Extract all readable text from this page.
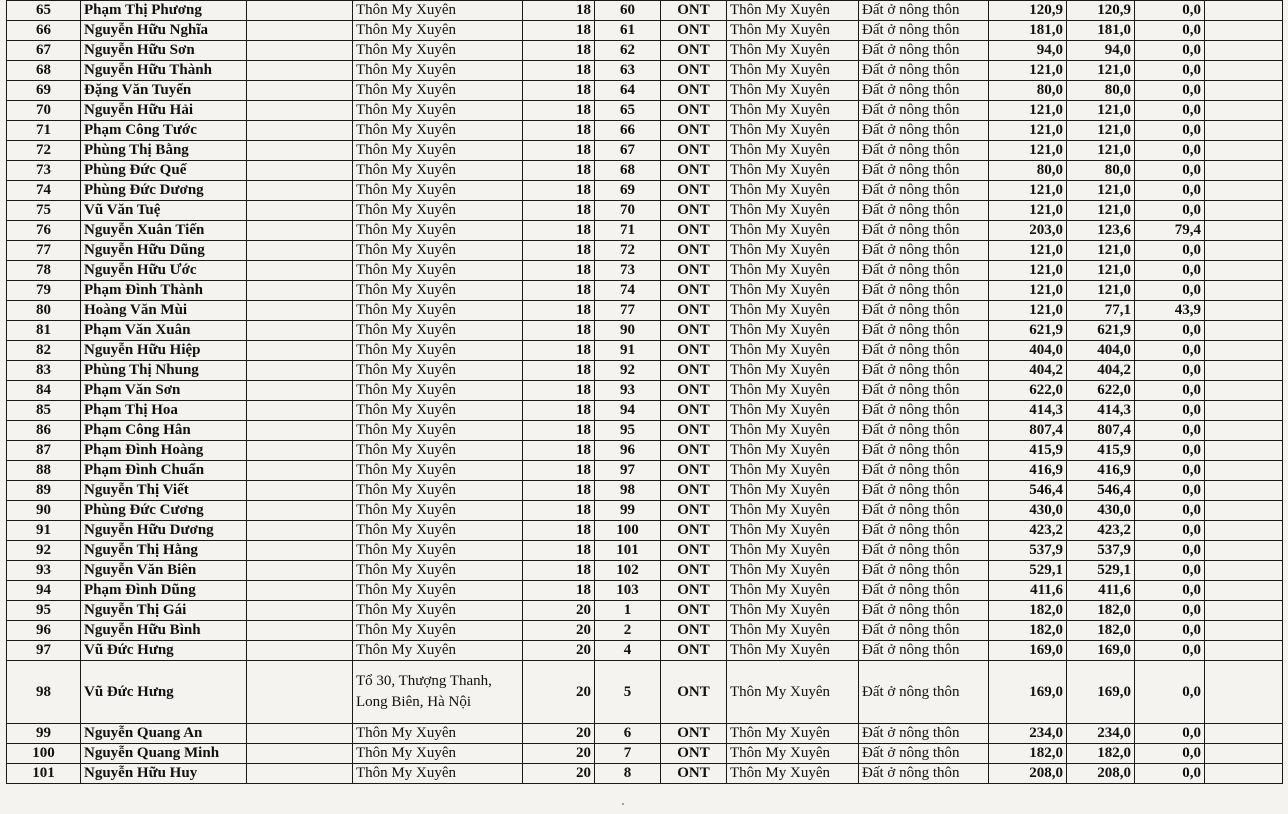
65	Phạm Thị Phương		Thôn My Xuyên	18	60	ONT	Thôn My Xuyên	Đất ở nông thôn	120,9	120,9	0,0	
66	Nguyễn Hữu Nghĩa		Thôn My Xuyên	18	61	ONT	Thôn My Xuyên	Đất ở nông thôn	181,0	181,0	0,0	
67	Nguyễn Hữu Sơn		Thôn My Xuyên	18	62	ONT	Thôn My Xuyên	Đất ở nông thôn	94,0	94,0	0,0	
68	Nguyễn Hữu Thành		Thôn My Xuyên	18	63	ONT	Thôn My Xuyên	Đất ở nông thôn	121,0	121,0	0,0	
69	Đặng Văn Tuyển		Thôn My Xuyên	18	64	ONT	Thôn My Xuyên	Đất ở nông thôn	80,0	80,0	0,0	
70	Nguyễn Hữu Hải		Thôn My Xuyên	18	65	ONT	Thôn My Xuyên	Đất ở nông thôn	121,0	121,0	0,0	
71	Phạm Công Tước		Thôn My Xuyên	18	66	ONT	Thôn My Xuyên	Đất ở nông thôn	121,0	121,0	0,0	
72	Phùng Thị Bằng		Thôn My Xuyên	18	67	ONT	Thôn My Xuyên	Đất ở nông thôn	121,0	121,0	0,0	
73	Phùng Đức Quế		Thôn My Xuyên	18	68	ONT	Thôn My Xuyên	Đất ở nông thôn	80,0	80,0	0,0	
74	Phùng Đức Dương		Thôn My Xuyên	18	69	ONT	Thôn My Xuyên	Đất ở nông thôn	121,0	121,0	0,0	
75	Vũ Văn Tuệ		Thôn My Xuyên	18	70	ONT	Thôn My Xuyên	Đất ở nông thôn	121,0	121,0	0,0	
76	Nguyễn Xuân Tiến		Thôn My Xuyên	18	71	ONT	Thôn My Xuyên	Đất ở nông thôn	203,0	123,6	79,4	
77	Nguyễn Hữu Dũng		Thôn My Xuyên	18	72	ONT	Thôn My Xuyên	Đất ở nông thôn	121,0	121,0	0,0	
78	Nguyễn Hữu Ước		Thôn My Xuyên	18	73	ONT	Thôn My Xuyên	Đất ở nông thôn	121,0	121,0	0,0	
79	Phạm Đình Thành		Thôn My Xuyên	18	74	ONT	Thôn My Xuyên	Đất ở nông thôn	121,0	121,0	0,0	
80	Hoàng Văn Mùi		Thôn My Xuyên	18	77	ONT	Thôn My Xuyên	Đất ở nông thôn	121,0	77,1	43,9	
81	Phạm Văn Xuân		Thôn My Xuyên	18	90	ONT	Thôn My Xuyên	Đất ở nông thôn	621,9	621,9	0,0	
82	Nguyễn Hữu Hiệp		Thôn My Xuyên	18	91	ONT	Thôn My Xuyên	Đất ở nông thôn	404,0	404,0	0,0	
83	Phùng Thị Nhung		Thôn My Xuyên	18	92	ONT	Thôn My Xuyên	Đất ở nông thôn	404,2	404,2	0,0	
84	Phạm Văn Sơn		Thôn My Xuyên	18	93	ONT	Thôn My Xuyên	Đất ở nông thôn	622,0	622,0	0,0	
85	Phạm Thị Hoa		Thôn My Xuyên	18	94	ONT	Thôn My Xuyên	Đất ở nông thôn	414,3	414,3	0,0	
86	Phạm Công Hân		Thôn My Xuyên	18	95	ONT	Thôn My Xuyên	Đất ở nông thôn	807,4	807,4	0,0	
87	Phạm Đình Hoàng		Thôn My Xuyên	18	96	ONT	Thôn My Xuyên	Đất ở nông thôn	415,9	415,9	0,0	
88	Phạm Đình Chuẩn		Thôn My Xuyên	18	97	ONT	Thôn My Xuyên	Đất ở nông thôn	416,9	416,9	0,0	
89	Nguyễn Thị Viết		Thôn My Xuyên	18	98	ONT	Thôn My Xuyên	Đất ở nông thôn	546,4	546,4	0,0	
90	Phùng Đức Cương		Thôn My Xuyên	18	99	ONT	Thôn My Xuyên	Đất ở nông thôn	430,0	430,0	0,0	
91	Nguyễn Hữu Dương		Thôn My Xuyên	18	100	ONT	Thôn My Xuyên	Đất ở nông thôn	423,2	423,2	0,0	
92	Nguyễn Thị Hằng		Thôn My Xuyên	18	101	ONT	Thôn My Xuyên	Đất ở nông thôn	537,9	537,9	0,0	
93	Nguyễn Văn Biên		Thôn My Xuyên	18	102	ONT	Thôn My Xuyên	Đất ở nông thôn	529,1	529,1	0,0	
94	Phạm Đình Dũng		Thôn My Xuyên	18	103	ONT	Thôn My Xuyên	Đất ở nông thôn	411,6	411,6	0,0	
95	Nguyễn Thị Gái		Thôn My Xuyên	20	1	ONT	Thôn My Xuyên	Đất ở nông thôn	182,0	182,0	0,0	
96	Nguyễn Hữu Bình		Thôn My Xuyên	20	2	ONT	Thôn My Xuyên	Đất ở nông thôn	182,0	182,0	0,0	
97	Vũ Đức Hưng		Thôn My Xuyên	20	4	ONT	Thôn My Xuyên	Đất ở nông thôn	169,0	169,0	0,0	
98	Vũ Đức Hưng		Tổ 30, Thượng Thanh, Long Biên, Hà Nội	20	5	ONT	Thôn My Xuyên	Đất ở nông thôn	169,0	169,0	0,0	
99	Nguyễn Quang An		Thôn My Xuyên	20	6	ONT	Thôn My Xuyên	Đất ở nông thôn	234,0	234,0	0,0	
100	Nguyễn Quang Minh		Thôn My Xuyên	20	7	ONT	Thôn My Xuyên	Đất ở nông thôn	182,0	182,0	0,0	
101	Nguyễn Hữu Huy		Thôn My Xuyên	20	8	ONT	Thôn My Xuyên	Đất ở nông thôn	208,0	208,0	0,0	
